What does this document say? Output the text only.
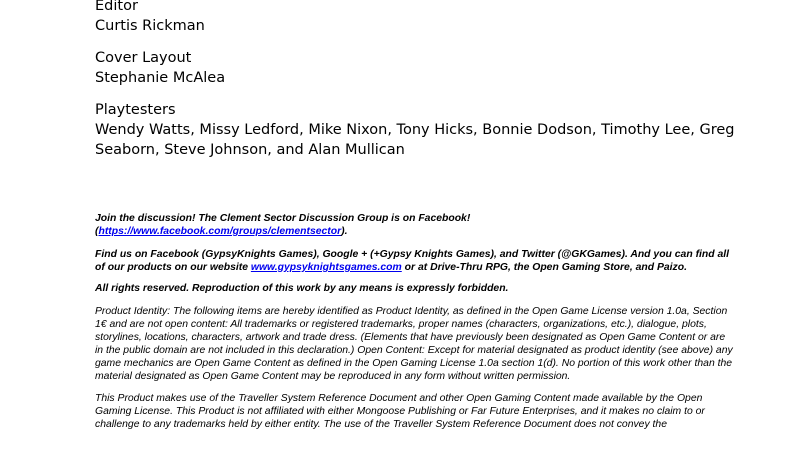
Editor

Curtis Rickman

Cover Layout

Stephanie McAlea

Playtesters

Wendy Watts, Missy Ledford, Mike Nixon, Tony Hicks, Bonnie Dodson, Timothy Lee, Greg

Seaborn, Steve Johnson, and Alan Mullican

Join the discussion! The Clement Sector Discussion Group is on Facebook!
(https://www.facebook.com/groups/clementsector).

Find us on Facebook (GypsyKnights Games), Google + (+Gypsy Knights Games), and Twitter (@GKGames). And you can find all of our products on our website www.gypsyknightsgames.com or at Drive-Thru RPG, the Open Gaming Store, and Paizo.

All rights reserved. Reproduction of this work by any means is expressly forbidden.

Product Identity: The following items are hereby identified as Product Identity, as defined in the Open Game License version 1.0a, Section 1€ and are not open content: All trademarks or registered trademarks, proper names (characters, organizations, etc.), dialogue, plots, storylines, locations, characters, artwork and trade dress. (Elements that have previously been designated as Open Game Content or are in the public domain are not included in this declaration.) Open Content: Except for material designated as product identity (see above) any game mechanics are Open Game Content as defined in the Open Gaming License 1.0a section 1(d). No portion of this work other than the material designated as Open Game Content may be reproduced in any form without written permission.

This Product makes use of the Traveller System Reference Document and other Open Gaming Content made available by the Open Gaming License. This Product is not affiliated with either Mongoose Publishing or Far Future Enterprises, and it makes no claim to or challenge to any trademarks held by either entity. The use of the Traveller System Reference Document does not convey the
